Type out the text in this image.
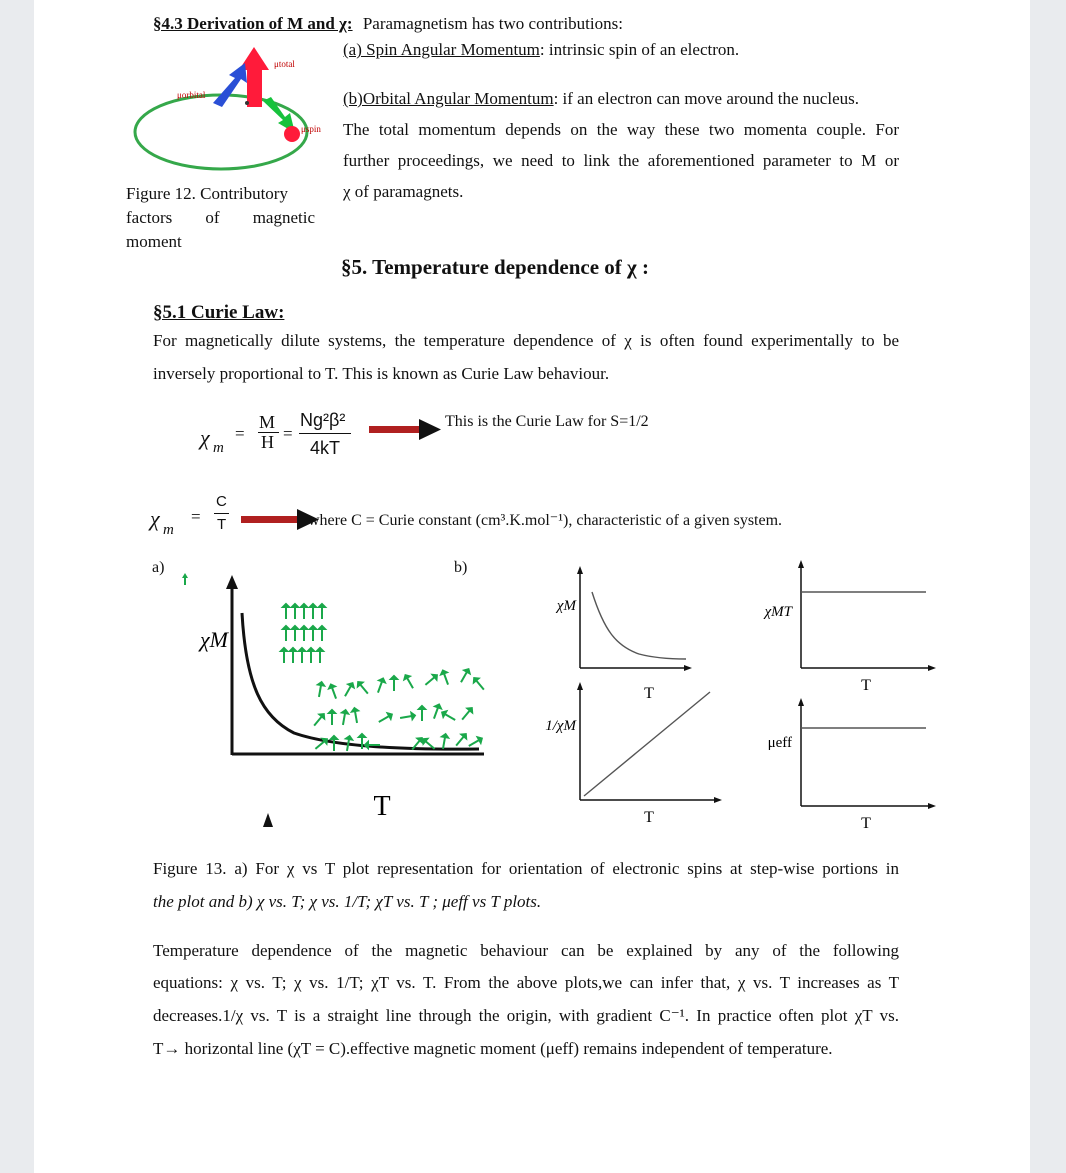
§4.3 Derivation of M and χ: Paramagnetism has two contributions:
(a) Spin Angular Momentum: intrinsic spin of an electron.
μtotal
μorbital
μspin
(b)Orbital Angular Momentum: if an electron can move around the nucleus.
The total momentum depends on the way these two momenta couple. For
further proceedings, we need to link the aforementioned parameter to M or
χ of paramagnets.
Figure 12. Contributory
factors of magnetic
moment
§5. Temperature dependence of χ :
§5.1 Curie Law:
For magnetically dilute systems, the temperature dependence of χ is often found experimentally to be
inversely proportional to T. This is known as Curie Law behaviour.
χ m
=
M
H =
Ng²β²
4kT
This is the Curie Law for S=1/2
χ m
=
C
T	where C = Curie constant (cm³.K.mol⁻¹), characteristic of a given system.
a)	b)
χM
T
χM
T
χMT
T
1/χM
T
μeff
T
Figure 13. a) For χ vs T plot representation for orientation of electronic spins at step-wise portions in
the plot and b) χ vs. T; χ vs. 1/T; χT vs. T ; μeff vs T plots.
Temperature dependence of the magnetic behaviour can be explained by any of the following
equations: χ vs. T; χ vs. 1/T; χT vs. T. From the above plots,we can infer that, χ vs. T increases as T
decreases.1/χ vs. T is a straight line through the origin, with gradient C⁻¹. In practice often plot χT vs.
T→ horizontal line (χT = C).effective magnetic moment (μeff) remains independent of temperature.
